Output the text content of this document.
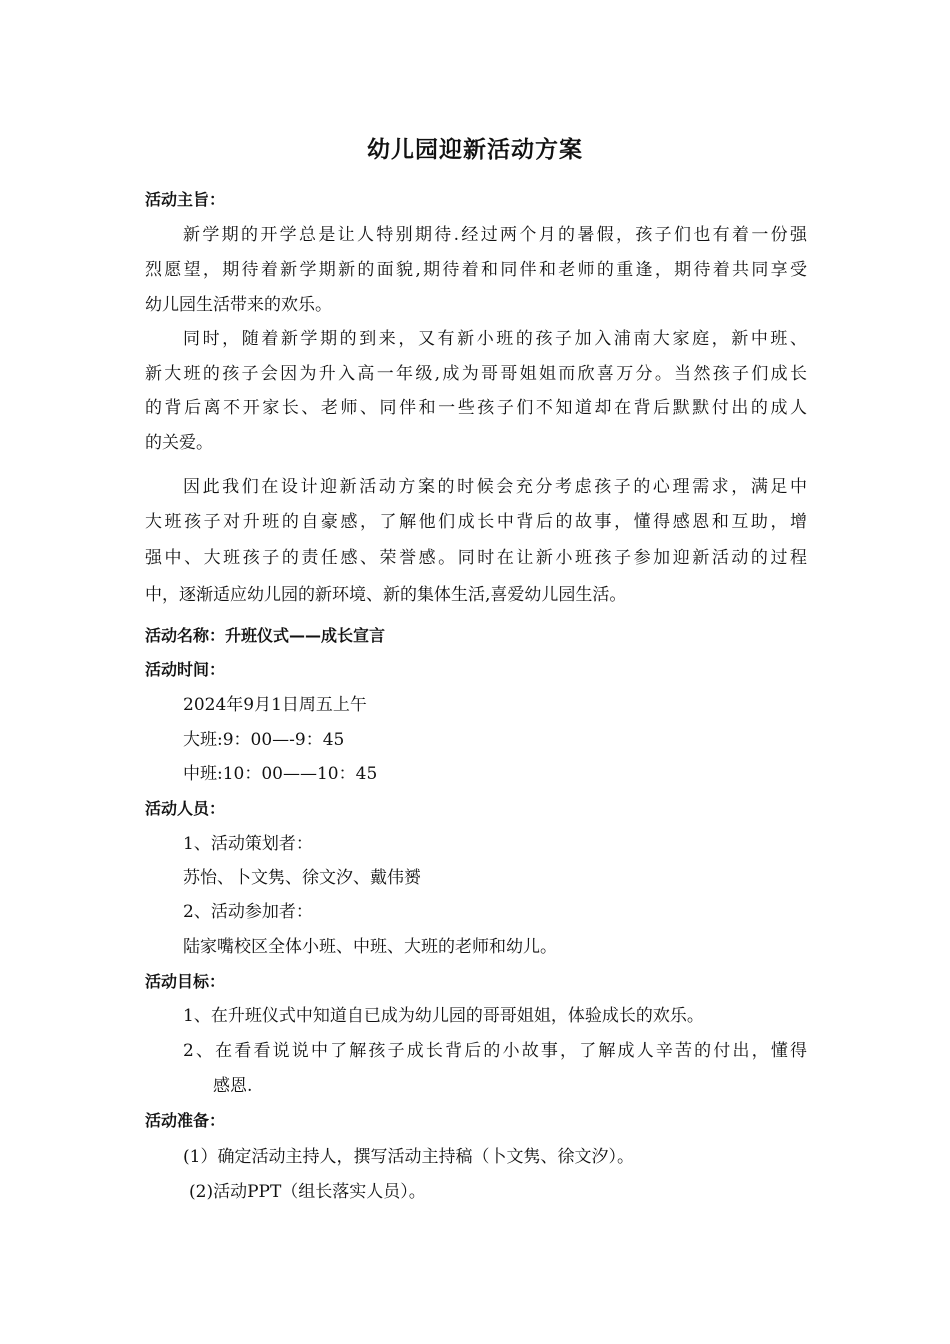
幼儿园迎新活动方案
活动主旨：
新学期的开学总是让人特别期待.经过两个月的暑假，孩子们也有着一份强
烈愿望，期待着新学期新的面貌,期待着和同伴和老师的重逢，期待着共同享受
幼儿园生活带来的欢乐。
同时，随着新学期的到来，又有新小班的孩子加入浦南大家庭，新中班、
新大班的孩子会因为升入高一年级,成为哥哥姐姐而欣喜万分。当然孩子们成长
的背后离不开家长、老师、同伴和一些孩子们不知道却在背后默默付出的成人
的关爱。
因此我们在设计迎新活动方案的时候会充分考虑孩子的心理需求，满足中
大班孩子对升班的自豪感，了解他们成长中背后的故事，懂得感恩和互助，增
强中、大班孩子的责任感、荣誉感。同时在让新小班孩子参加迎新活动的过程
中，逐渐适应幼儿园的新环境、新的集体生活,喜爱幼儿园生活。
活动名称：升班仪式——成长宣言
活动时间：
2024年9月1日周五上午
大班:9：00—-9：45
中班:10：00——10：45
活动人员：
1、活动策划者：
苏怡、卜文隽、徐文汐、戴伟赟
2、活动参加者：
陆家嘴校区全体小班、中班、大班的老师和幼儿。
活动目标：
1、在升班仪式中知道自已成为幼儿园的哥哥姐姐，体验成长的欢乐。
2、在看看说说中了解孩子成长背后的小故事，了解成人辛苦的付出，懂得
感恩.
活动准备：
(1）确定活动主持人，撰写活动主持稿（卜文隽、徐文汐）。
(2)活动PPT（组长落实人员）。
